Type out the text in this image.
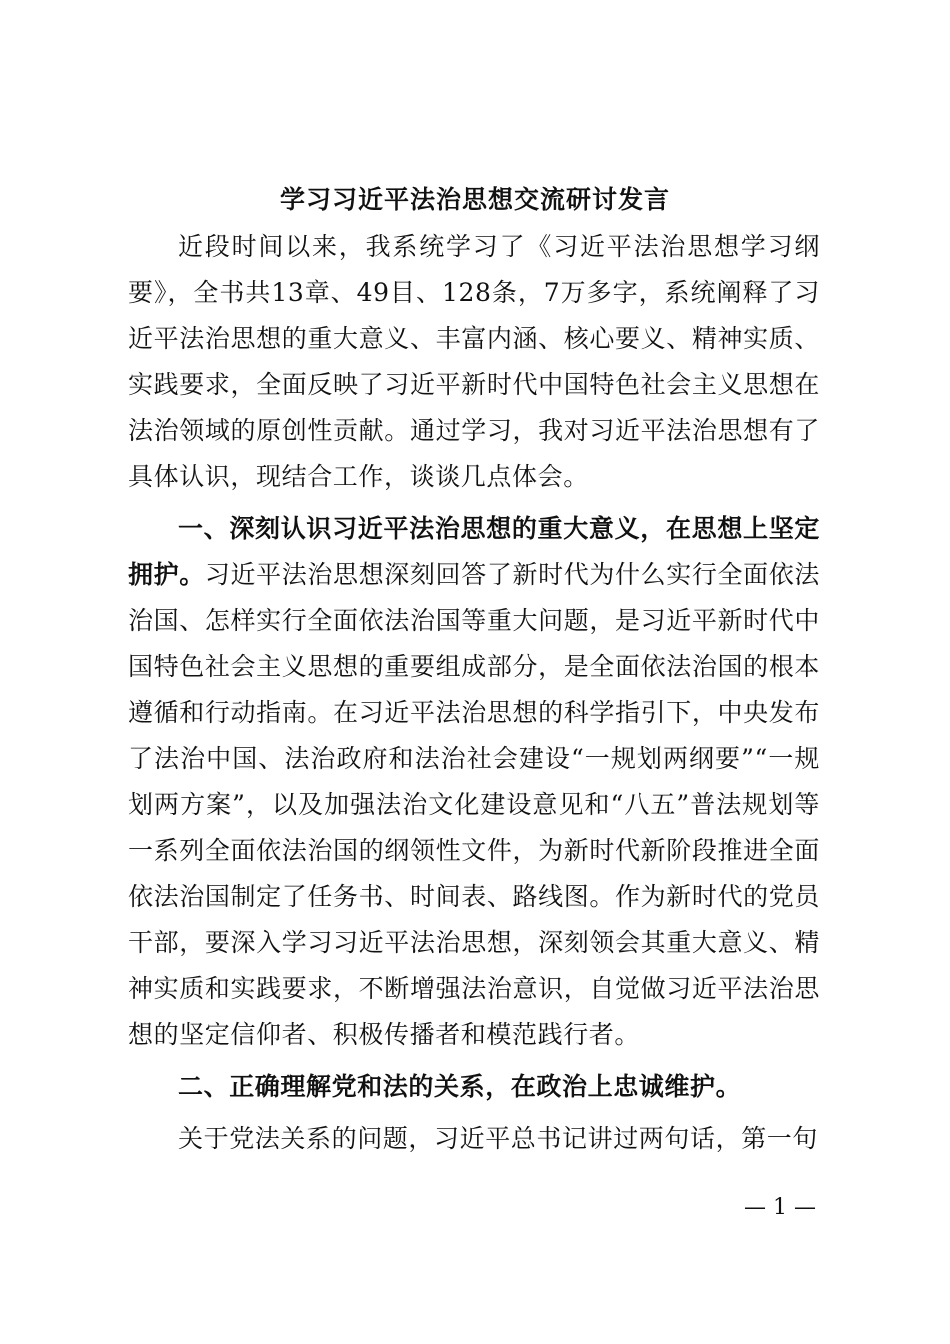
学习习近平法治思想交流研讨发言

近段时间以来，我系统学习了《习近平法治思想学习纲要》，全书共13章、49目、128条，7万多字，系统阐释了习近平法治思想的重大意义、丰富内涵、核心要义、精神实质、实践要求，全面反映了习近平新时代中国特色社会主义思想在法治领域的原创性贡献。通过学习，我对习近平法治思想有了具体认识，现结合工作，谈谈几点体会。

一、深刻认识习近平法治思想的重大意义，在思想上坚定拥护。习近平法治思想深刻回答了新时代为什么实行全面依法治国、怎样实行全面依法治国等重大问题，是习近平新时代中国特色社会主义思想的重要组成部分，是全面依法治国的根本遵循和行动指南。在习近平法治思想的科学指引下，中央发布了法治中国、法治政府和法治社会建设“一规划两纲要”“一规划两方案”，以及加强法治文化建设意见和“八五”普法规划等一系列全面依法治国的纲领性文件，为新时代新阶段推进全面依法治国制定了任务书、时间表、路线图。作为新时代的党员干部，要深入学习习近平法治思想，深刻领会其重大意义、精神实质和实践要求，不断增强法治意识，自觉做习近平法治思想的坚定信仰者、积极传播者和模范践行者。

二、正确理解党和法的关系，在政治上忠诚维护。

关于党法关系的问题，习近平总书记讲过两句话，第一句

— 1 —
